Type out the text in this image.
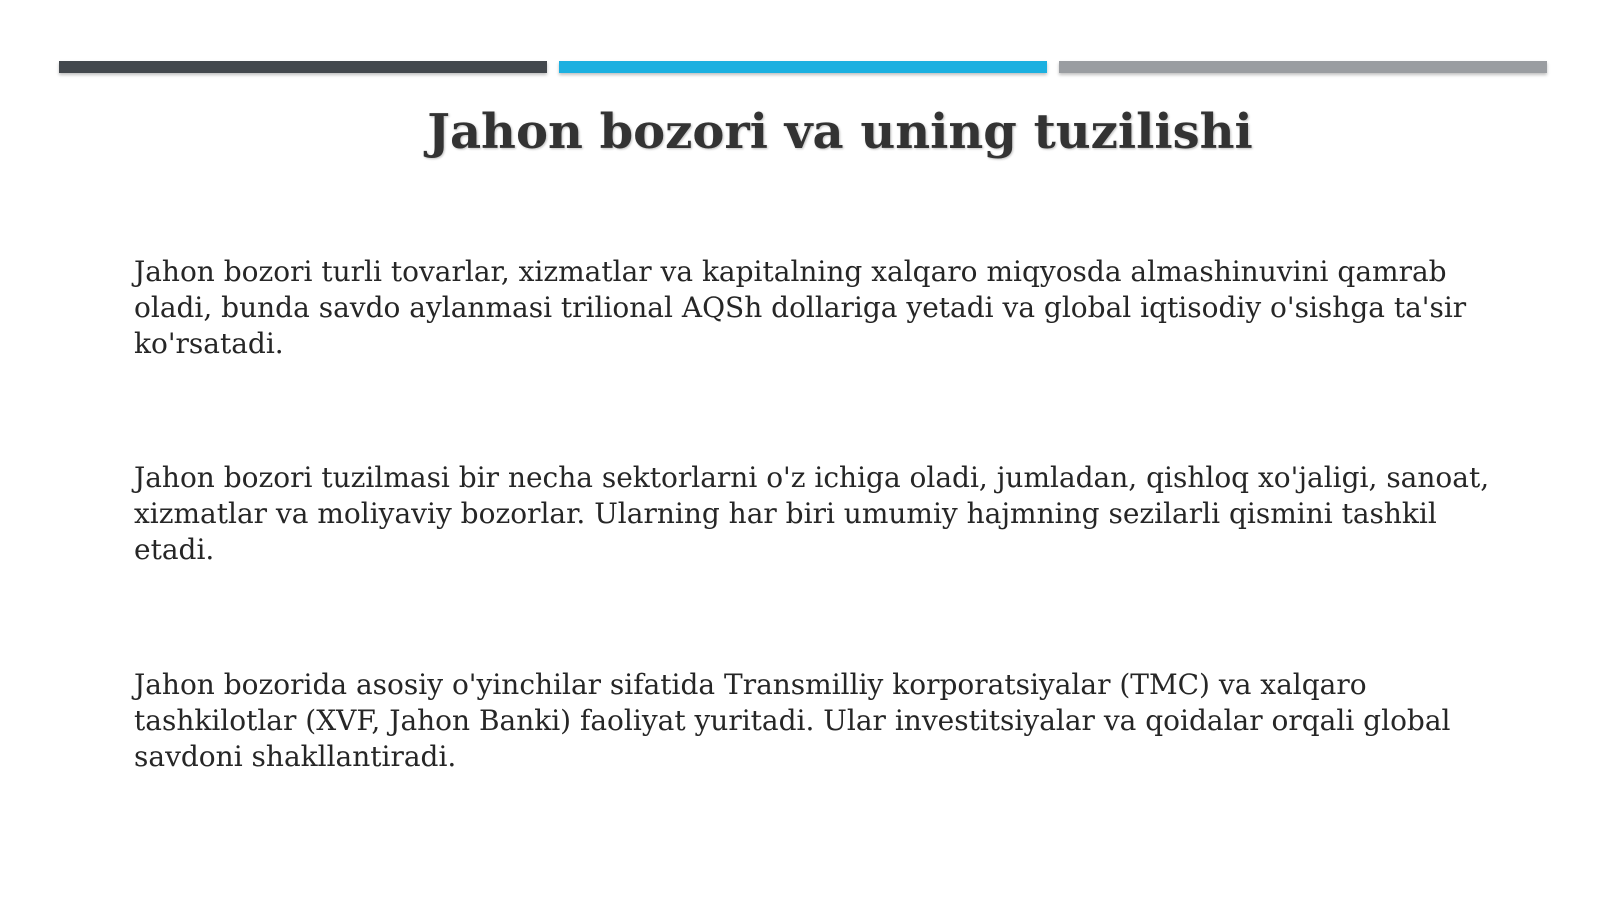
Jahon bozori va uning tuzilishi

Jahon bozori turli tovarlar, xizmatlar va kapitalning xalqaro miqyosda almashinuvini qamrab oladi, bunda savdo aylanmasi trilional AQSh dollariga yetadi va global iqtisodiy o'sishga ta'sir ko'rsatadi.

Jahon bozori tuzilmasi bir necha sektorlarni o'z ichiga oladi, jumladan, qishloq xo'jaligi, sanoat, xizmatlar va moliyaviy bozorlar. Ularning har biri umumiy hajmning sezilarli qismini tashkil etadi.

Jahon bozorida asosiy o'yinchilar sifatida Transmilliy korporatsiyalar (TMC) va xalqaro tashkilotlar (XVF, Jahon Banki) faoliyat yuritadi. Ular investitsiyalar va qoidalar orqali global savdoni shakllantiradi.
